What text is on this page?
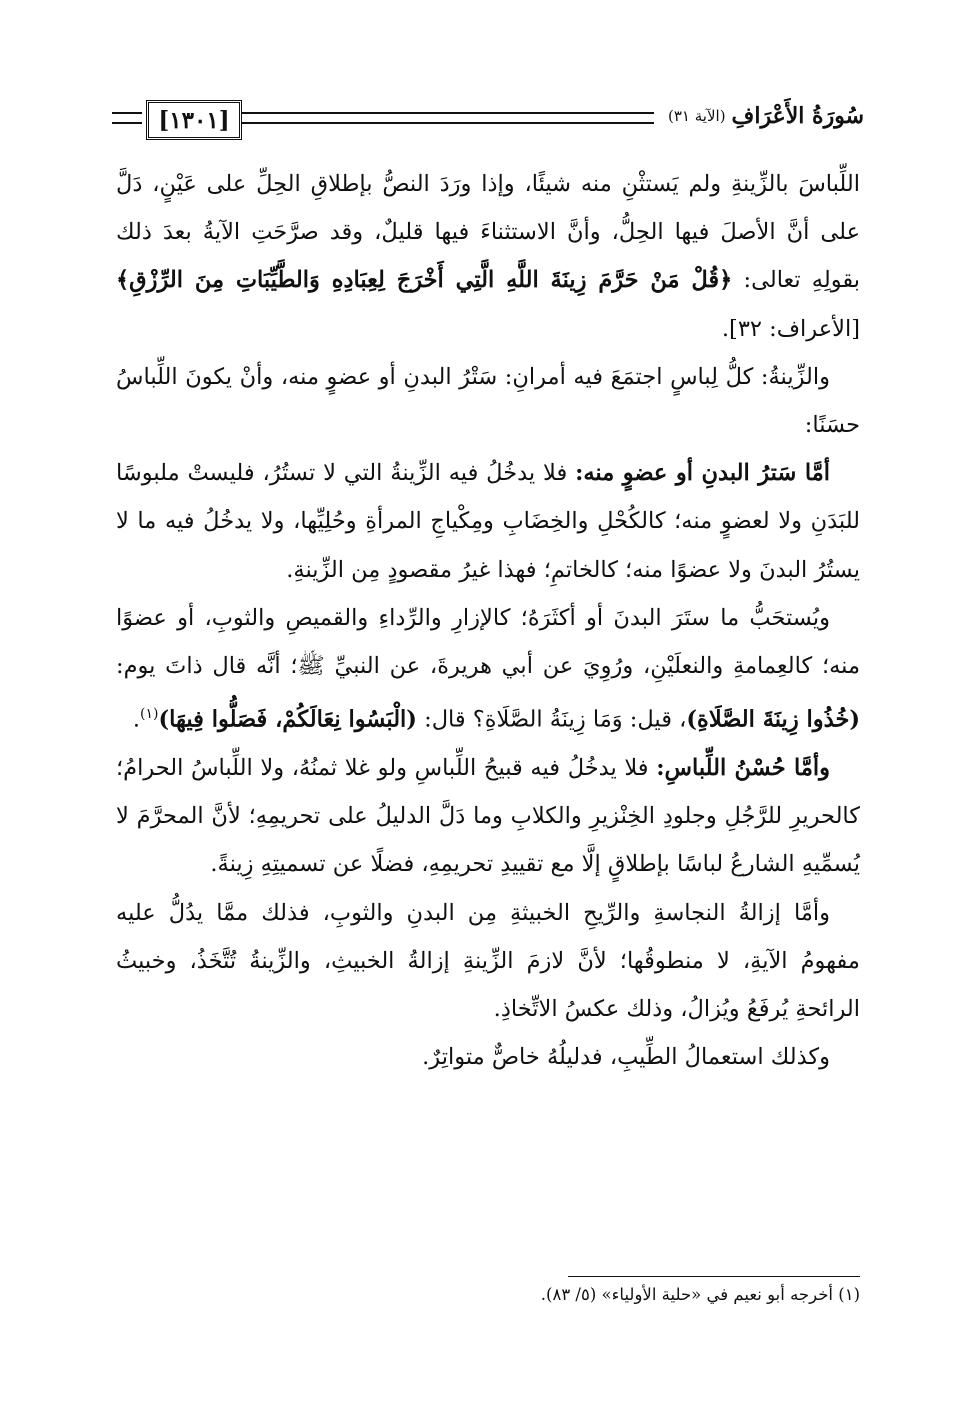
[١٣٠١]	سُورَةُ الأَعْرَافِ
(الآية ٣١)

اللِّباسَ بالزِّينةِ ولم يَستثْنِ منه شيئًا، وإذا ورَدَ النصُّ بإطلاقِ الحِلِّ على عَيْنٍ، دَلَّ على أنَّ الأصلَ فيها الحِلُّ، وأنَّ الاستثناءَ فيها قليلٌ، وقد صرَّحَتِ الآيةُ بعدَ ذلك بقولِهِ تعالى: ﴿قُلْ مَنْ حَرَّمَ زِينَةَ اللَّهِ الَّتِي أَخْرَجَ لِعِبَادِهِ وَالطَّيِّبَاتِ مِنَ الرِّزْقِ﴾ [الأعراف: ٣٢].

والزِّينةُ: كلُّ لِباسٍ اجتمَعَ فيه أمرانِ: سَتْرُ البدنِ أو عضوٍ منه، وأنْ يكونَ اللِّباسُ حسَنًا:

أمَّا سَترُ البدنِ أو عضوٍ منه: فلا يدخُلُ فيه الزِّينةُ التي لا تستُرُ، فليستْ ملبوسًا للبَدَنِ ولا لعضوٍ منه؛ كالكُحْلِ والخِضَابِ ومِكْياجِ المرأةِ وحُلِيِّها، ولا يدخُلُ فيه ما لا يستُرُ البدنَ ولا عضوًا منه؛ كالخاتمِ؛ فهذا غيرُ مقصودٍ مِن الزِّينةِ.

ويُستحَبُّ ما ستَرَ البدنَ أو أكثَرَهُ؛ كالإزارِ والرِّداءِ والقميصِ والثوبِ، أو عضوًا منه؛ كالعِمامةِ والنعلَيْنِ، ورُوِيَ عن أبي هريرةَ، عن النبيِّ ﷺ؛ أنَّه قال ذاتَ يوم: (خُذُوا زِينَةَ الصَّلَاةِ)، قيل: وَمَا زِينَةُ الصَّلَاةِ؟ قال: (الْبَسُوا نِعَالَكُمْ، فَصَلُّوا فِيهَا)$^{(١)}$.

وأمَّا حُسْنُ اللِّباسِ: فلا يدخُلُ فيه قبيحُ اللِّباسِ ولو غلا ثمنُهُ، ولا اللِّباسُ الحرامُ؛ كالحريرِ للرَّجُلِ وجلودِ الخِنْزيرِ والكلابِ وما دَلَّ الدليلُ على تحريمِهِ؛ لأنَّ المحرَّمَ لا يُسمِّيهِ الشارعُ لباسًا بإطلاقٍ إلَّا مع تقييدِ تحريمِهِ، فضلًا عن تسميتِهِ زِينةً.

وأمَّا إزالةُ النجاسةِ والرِّيحِ الخبيثةِ مِن البدنِ والثوبِ، فذلك ممَّا يدُلُّ عليه مفهومُ الآيةِ، لا منطوقُها؛ لأنَّ لازمَ الزِّينةِ إزالةُ الخبيثِ، والزِّينةُ تُتَّخَذُ، وخبيثُ الرائحةِ يُرفَعُ ويُزالُ، وذلك عكسُ الاتِّخاذِ.

وكذلك استعمالُ الطِّيبِ، فدليلُهُ خاصٌّ متواتِرٌ.

(١) أخرجه أبو نعيم في «حلية الأولياء» (٥/ ٨٣).
